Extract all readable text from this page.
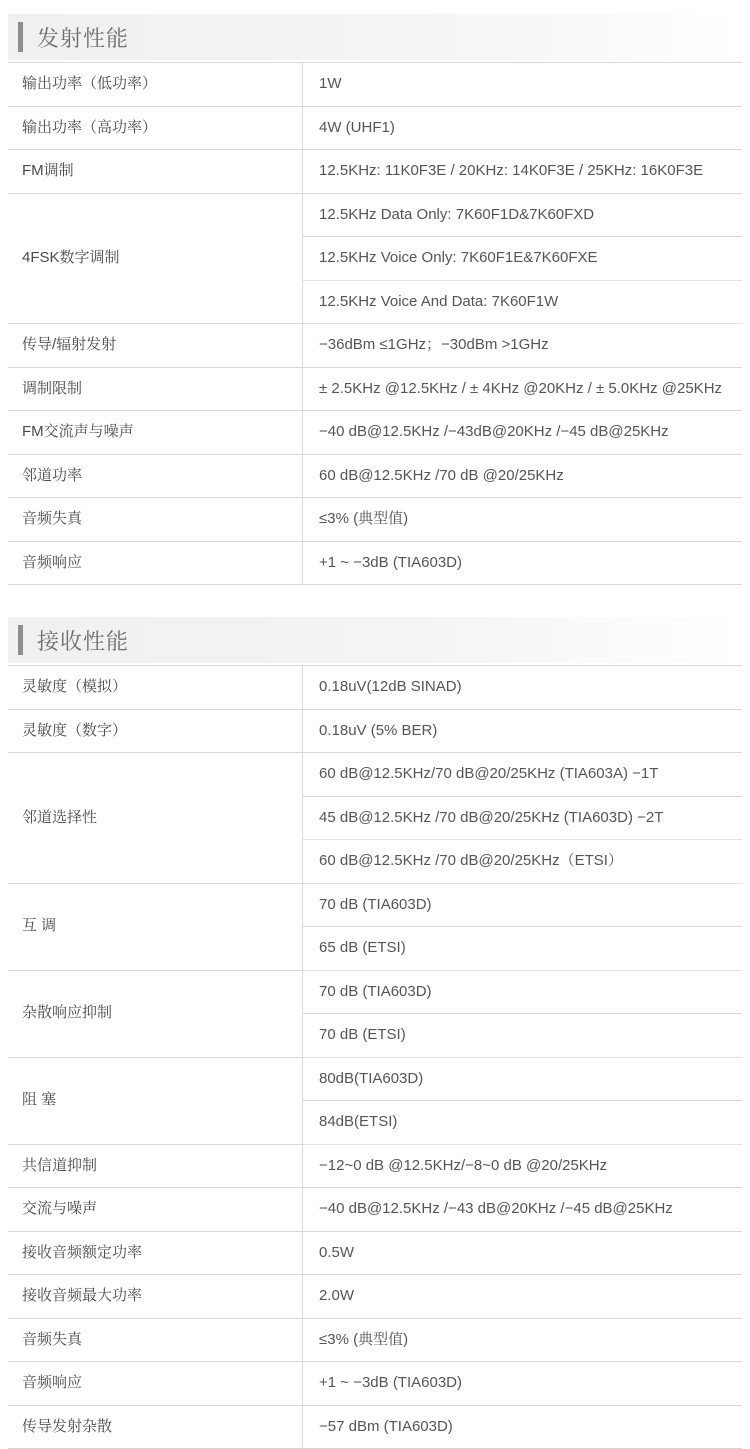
发射性能
输出功率（低功率）	1W
输出功率（高功率）	4W (UHF1)
FM调制	12.5KHz: 11K0F3E / 20KHz: 14K0F3E / 25KHz: 16K0F3E
4FSK数字调制	12.5KHz Data Only: 7K60F1D&7K60FXD
	12.5KHz Voice Only: 7K60F1E&7K60FXE
	12.5KHz Voice And Data: 7K60F1W
传导/辐射发射	−36dBm ≤1GHz；−30dBm >1GHz
调制限制	± 2.5KHz @12.5KHz / ± 4KHz @20KHz / ± 5.0KHz @25KHz
FM交流声与噪声	−40 dB@12.5KHz /−43dB@20KHz /−45 dB@25KHz
邻道功率	60 dB@12.5KHz /70 dB @20/25KHz
音频失真	≤3% (典型值)
音频响应	+1 ~ −3dB (TIA603D)
接收性能
灵敏度（模拟）	0.18uV(12dB SINAD)
灵敏度（数字）	0.18uV (5% BER)
邻道选择性	60 dB@12.5KHz/70 dB@20/25KHz (TIA603A) −1T
	45 dB@12.5KHz /70 dB@20/25KHz (TIA603D) −2T
	60 dB@12.5KHz /70 dB@20/25KHz（ETSI）
互 调	70 dB (TIA603D)
	65 dB (ETSI)
杂散响应抑制	70 dB (TIA603D)
	70 dB (ETSI)
阻 塞	80dB(TIA603D)
	84dB(ETSI)
共信道抑制	−12~0 dB @12.5KHz/−8~0 dB @20/25KHz
交流与噪声	−40 dB@12.5KHz /−43 dB@20KHz /−45 dB@25KHz
接收音频额定功率	0.5W
接收音频最大功率	2.0W
音频失真	≤3% (典型值)
音频响应	+1 ~ −3dB (TIA603D)
传导发射杂散	−57 dBm (TIA603D)
